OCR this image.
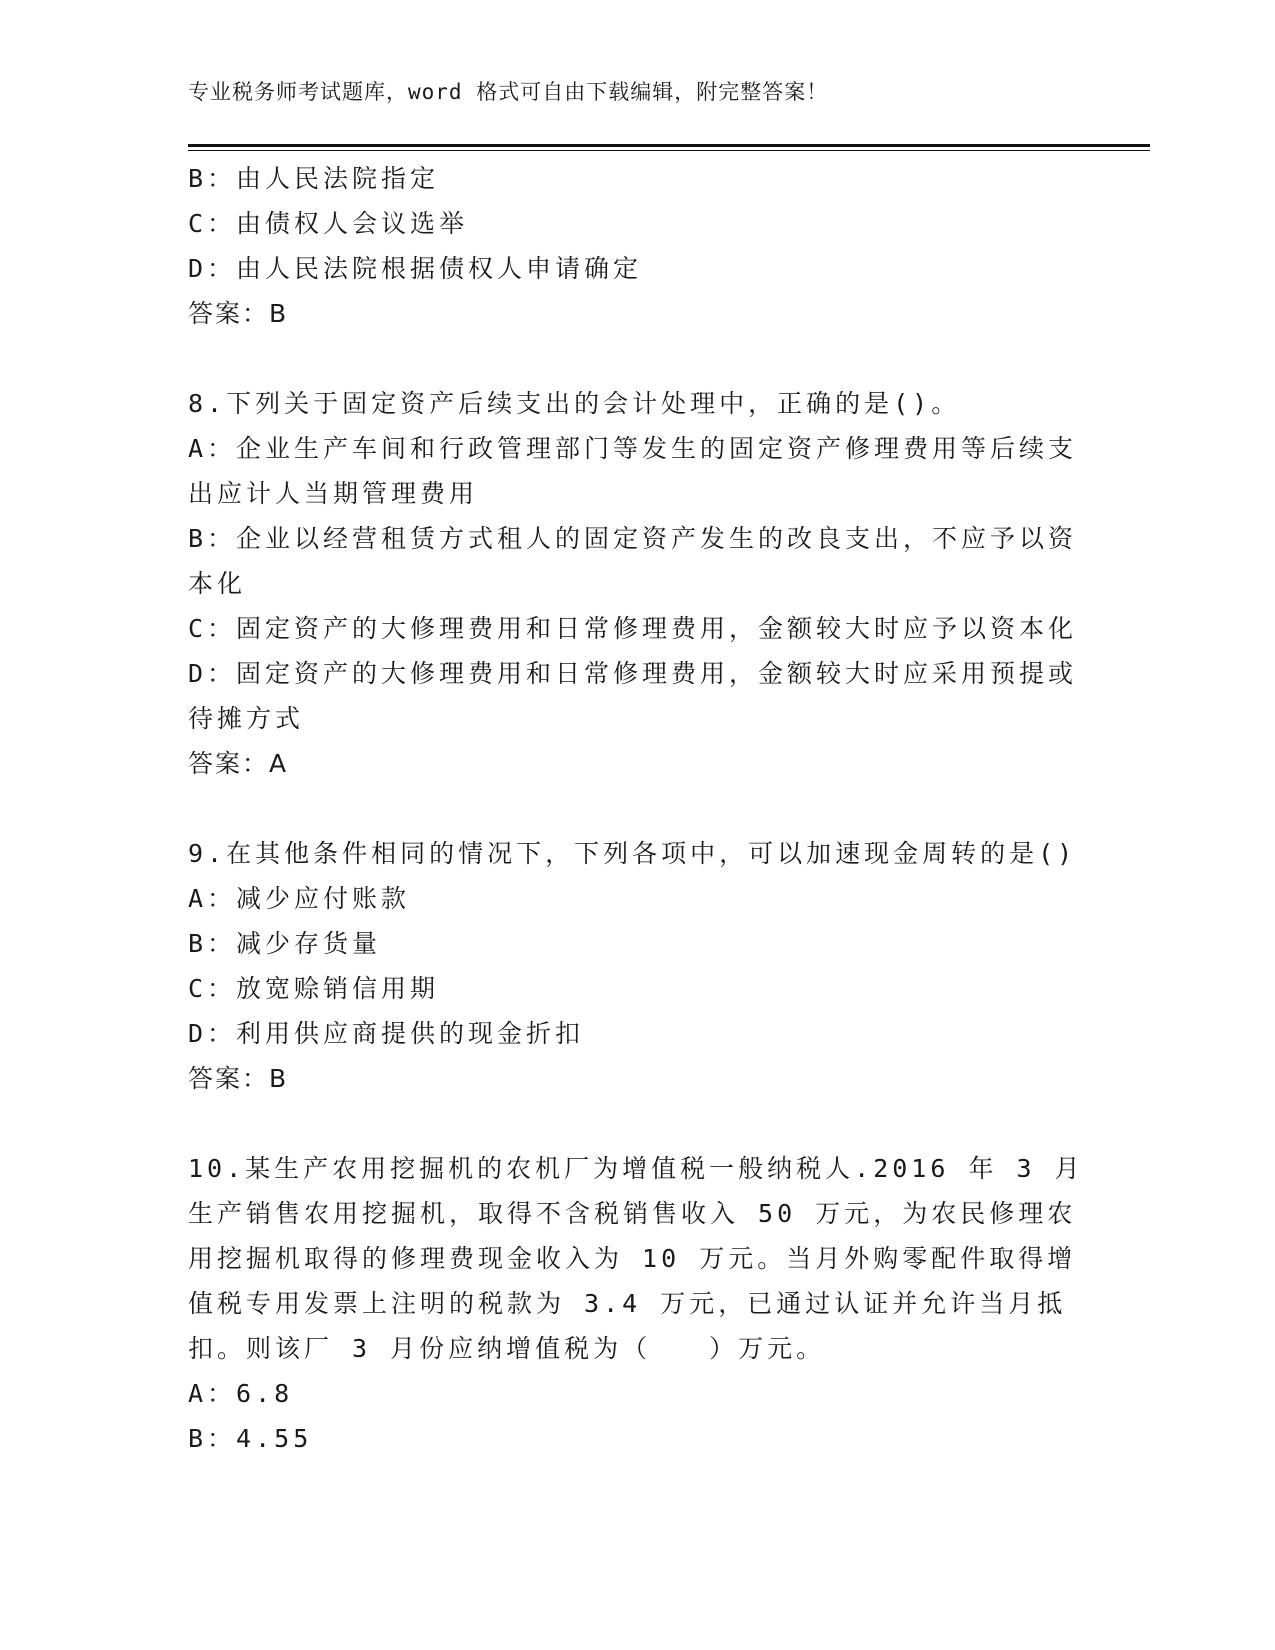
专业税务师考试题库，word 格式可自由下载编辑，附完整答案！
B：由人民法院指定
C：由债权人会议选举
D：由人民法院根据债权人申请确定
答案：B
8.下列关于固定资产后续支出的会计处理中，正确的是()。
A：企业生产车间和行政管理部门等发生的固定资产修理费用等后续支出应计人当期管理费用
B：企业以经营租赁方式租人的固定资产发生的改良支出，不应予以资本化
C：固定资产的大修理费用和日常修理费用，金额较大时应予以资本化
D：固定资产的大修理费用和日常修理费用，金额较大时应采用预提或待摊方式
答案：A
9.在其他条件相同的情况下，下列各项中，可以加速现金周转的是()
A：减少应付账款
B：减少存货量
C：放宽赊销信用期
D：利用供应商提供的现金折扣
答案：B
10.某生产农用挖掘机的农机厂为增值税一般纳税人.2016 年 3 月生产销售农用挖掘机，取得不含税销售收入 50 万元，为农民修理农用挖掘机取得的修理费现金收入为 10 万元。当月外购零配件取得增值税专用发票上注明的税款为 3.4 万元，已通过认证并允许当月抵扣。则该厂 3 月份应纳增值税为（　　）万元。
A：6.8
B：4.55
